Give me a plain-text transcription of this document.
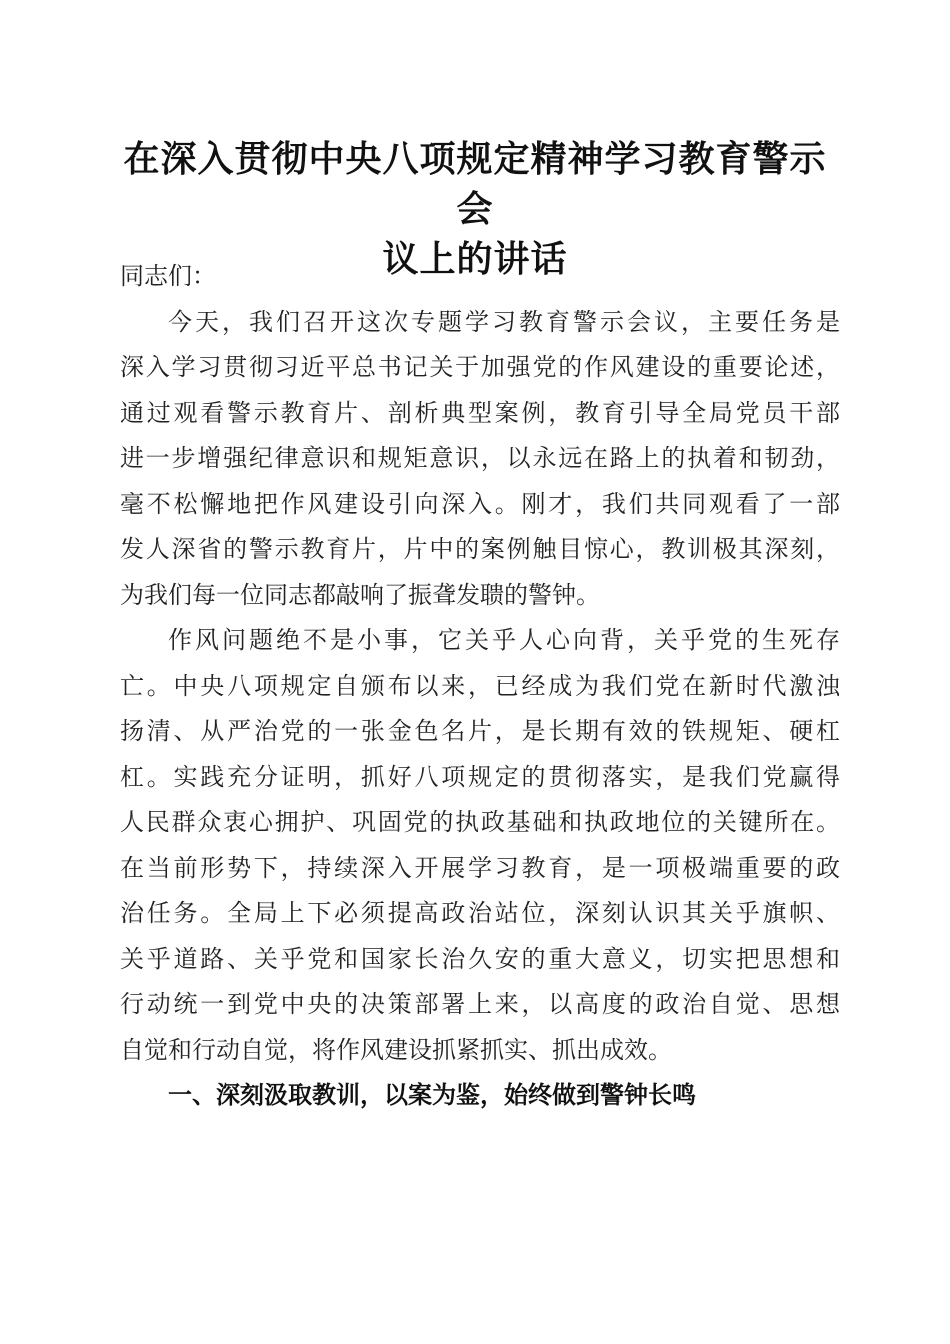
在深入贯彻中央八项规定精神学习教育警示会
议上的讲话
同志们：
今天，我们召开这次专题学习教育警示会议，主要任务是
深入学习贯彻习近平总书记关于加强党的作风建设的重要论述，
通过观看警示教育片、剖析典型案例，教育引导全局党员干部
进一步增强纪律意识和规矩意识，以永远在路上的执着和韧劲，
毫不松懈地把作风建设引向深入。刚才，我们共同观看了一部
发人深省的警示教育片，片中的案例触目惊心，教训极其深刻，
为我们每一位同志都敲响了振聋发聩的警钟。
作风问题绝不是小事，它关乎人心向背，关乎党的生死存
亡。中央八项规定自颁布以来，已经成为我们党在新时代激浊
扬清、从严治党的一张金色名片，是长期有效的铁规矩、硬杠
杠。实践充分证明，抓好八项规定的贯彻落实，是我们党赢得
人民群众衷心拥护、巩固党的执政基础和执政地位的关键所在。
在当前形势下，持续深入开展学习教育，是一项极端重要的政
治任务。全局上下必须提高政治站位，深刻认识其关乎旗帜、
关乎道路、关乎党和国家长治久安的重大意义，切实把思想和
行动统一到党中央的决策部署上来，以高度的政治自觉、思想
自觉和行动自觉，将作风建设抓紧抓实、抓出成效。
一、深刻汲取教训，以案为鉴，始终做到警钟长鸣
